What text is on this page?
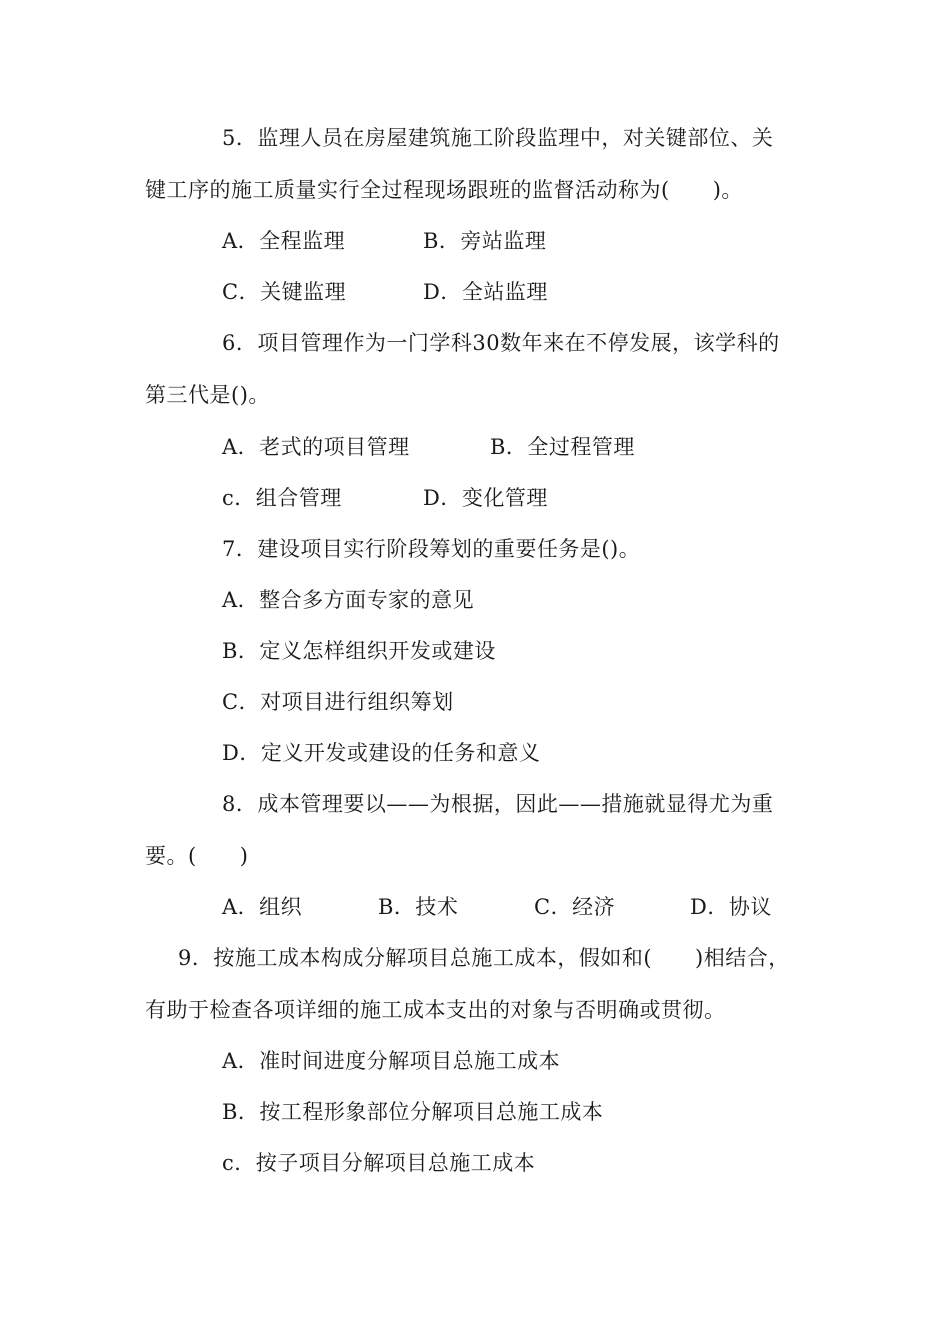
5．监理人员在房屋建筑施工阶段监理中，对关键部位、关
键工序的施工质量实行全过程现场跟班的监督活动称为(　　)。
A．全程监理	B．旁站监理
C．关键监理	D．全站监理
6．项目管理作为一门学科30数年来在不停发展，该学科的
第三代是()。
A．老式的项目管理	B．全过程管理
c．组合管理	D．变化管理
7．建设项目实行阶段筹划的重要任务是()。
A．整合多方面专家的意见
B．定义怎样组织开发或建设
C．对项目进行组织筹划
D．定义开发或建设的任务和意义
8．成本管理要以——为根据，因此——措施就显得尤为重
要。(　　)
A．组织	B．技术	C．经济	D．协议
9．按施工成本构成分解项目总施工成本，假如和(　　)相结合，
有助于检查各项详细的施工成本支出的对象与否明确或贯彻。
A．准时间进度分解项目总施工成本
B．按工程形象部位分解项目总施工成本
c．按子项目分解项目总施工成本
